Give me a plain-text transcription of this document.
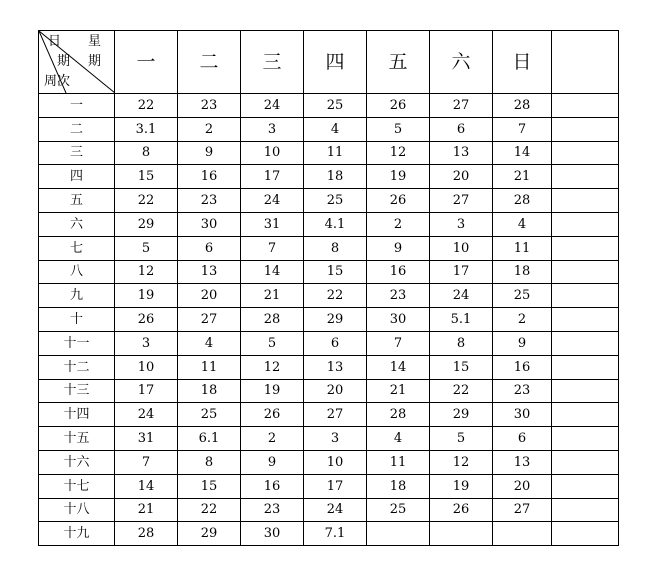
日 星
期 期
周次	一	二	三	四	五	六	日	
一	22	23	24	25	26	27	28	
二	3.1	2	3	4	5	6	7	
三	8	9	10	11	12	13	14	
四	15	16	17	18	19	20	21	
五	22	23	24	25	26	27	28	
六	29	30	31	4.1	2	3	4	
七	5	6	7	8	9	10	11	
八	12	13	14	15	16	17	18	
九	19	20	21	22	23	24	25	
十	26	27	28	29	30	5.1	2	
十一	3	4	5	6	7	8	9	
十二	10	11	12	13	14	15	16	
十三	17	18	19	20	21	22	23	
十四	24	25	26	27	28	29	30	
十五	31	6.1	2	3	4	5	6	
十六	7	8	9	10	11	12	13	
十七	14	15	16	17	18	19	20	
十八	21	22	23	24	25	26	27	
十九	28	29	30	7.1				
